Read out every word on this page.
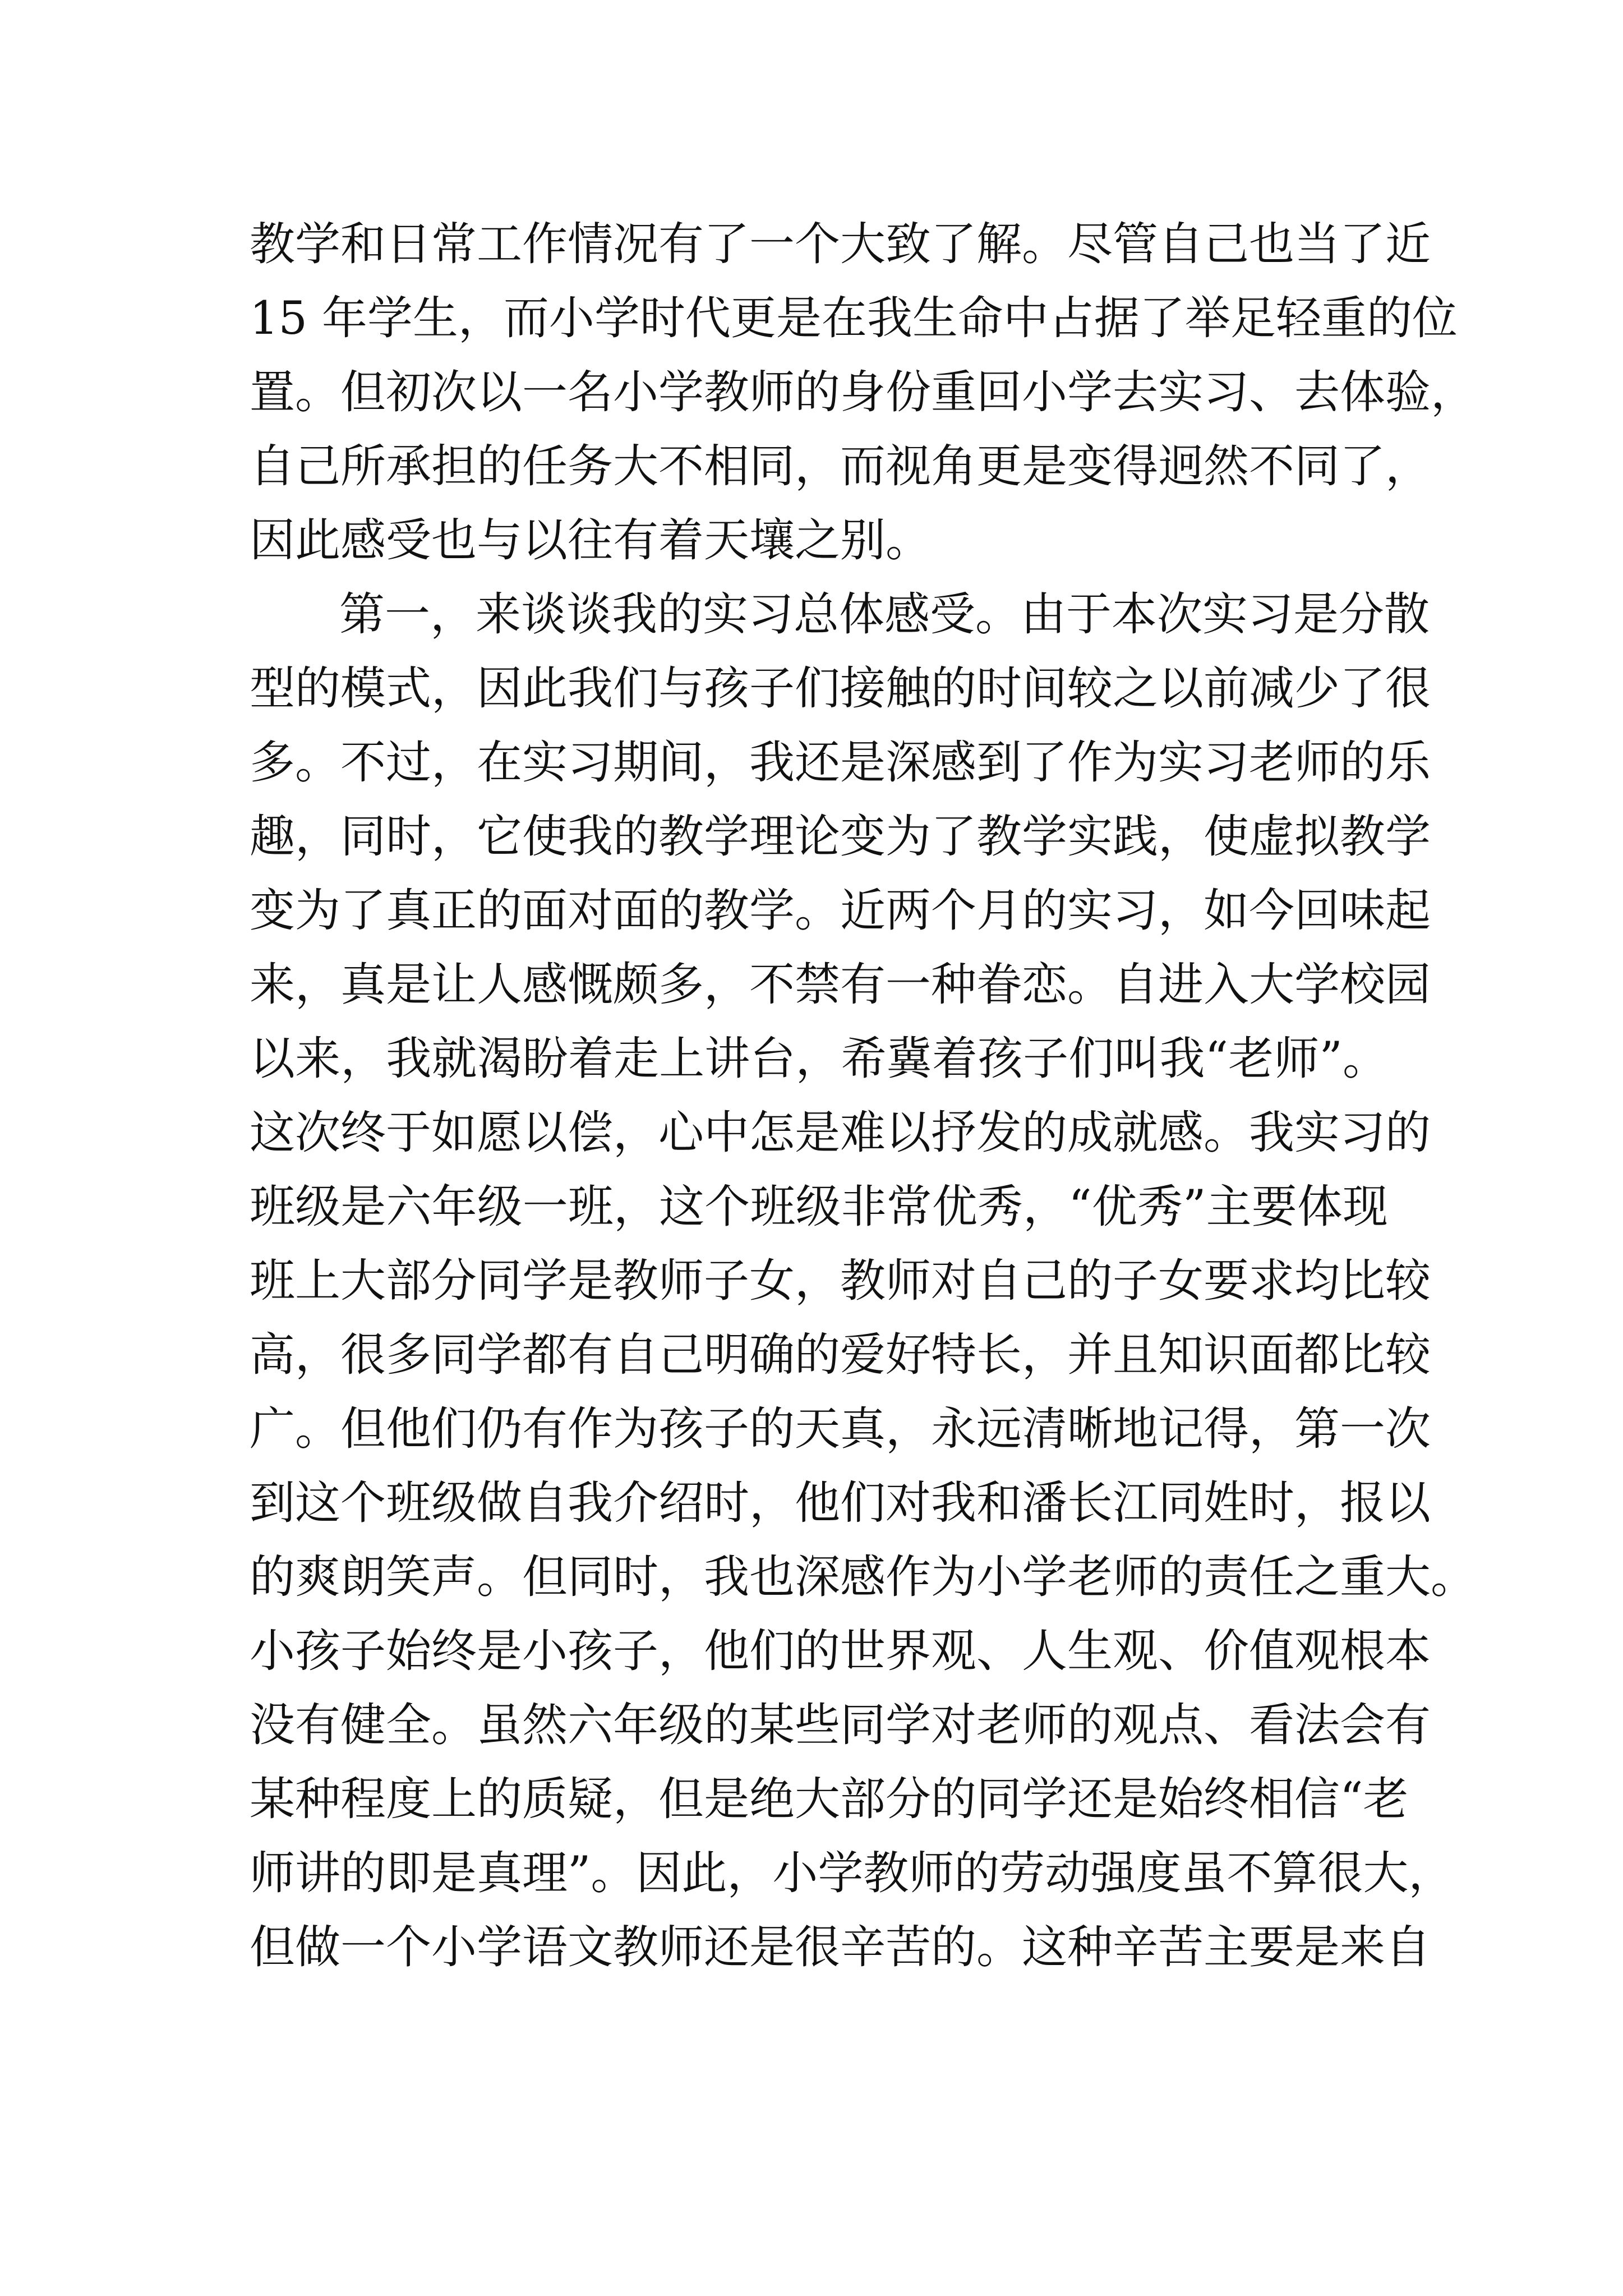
教学和日常工作情况有了一个大致了解。尽管自己也当了近
15 年学生，而小学时代更是在我生命中占据了举足轻重的位
置。但初次以一名小学教师的身份重回小学去实习、去体验，
自己所承担的任务大不相同，而视角更是变得迥然不同了，
因此感受也与以往有着天壤之别。
第一，来谈谈我的实习总体感受。由于本次实习是分散
型的模式，因此我们与孩子们接触的时间较之以前减少了很
多。不过，在实习期间，我还是深感到了作为实习老师的乐
趣，同时，它使我的教学理论变为了教学实践，使虚拟教学
变为了真正的面对面的教学。近两个月的实习，如今回味起
来，真是让人感慨颇多，不禁有一种眷恋。自进入大学校园
以来，我就渴盼着走上讲台，希冀着孩子们叫我“老师”。
这次终于如愿以偿，心中怎是难以抒发的成就感。我实习的
班级是六年级一班，这个班级非常优秀，“优秀”主要体现
班上大部分同学是教师子女，教师对自己的子女要求均比较
高，很多同学都有自己明确的爱好特长，并且知识面都比较
广。但他们仍有作为孩子的天真，永远清晰地记得，第一次
到这个班级做自我介绍时，他们对我和潘长江同姓时，报以
的爽朗笑声。但同时，我也深感作为小学老师的责任之重大。
小孩子始终是小孩子，他们的世界观、人生观、价值观根本
没有健全。虽然六年级的某些同学对老师的观点、看法会有
某种程度上的质疑，但是绝大部分的同学还是始终相信“老
师讲的即是真理”。因此，小学教师的劳动强度虽不算很大，
但做一个小学语文教师还是很辛苦的。这种辛苦主要是来自
